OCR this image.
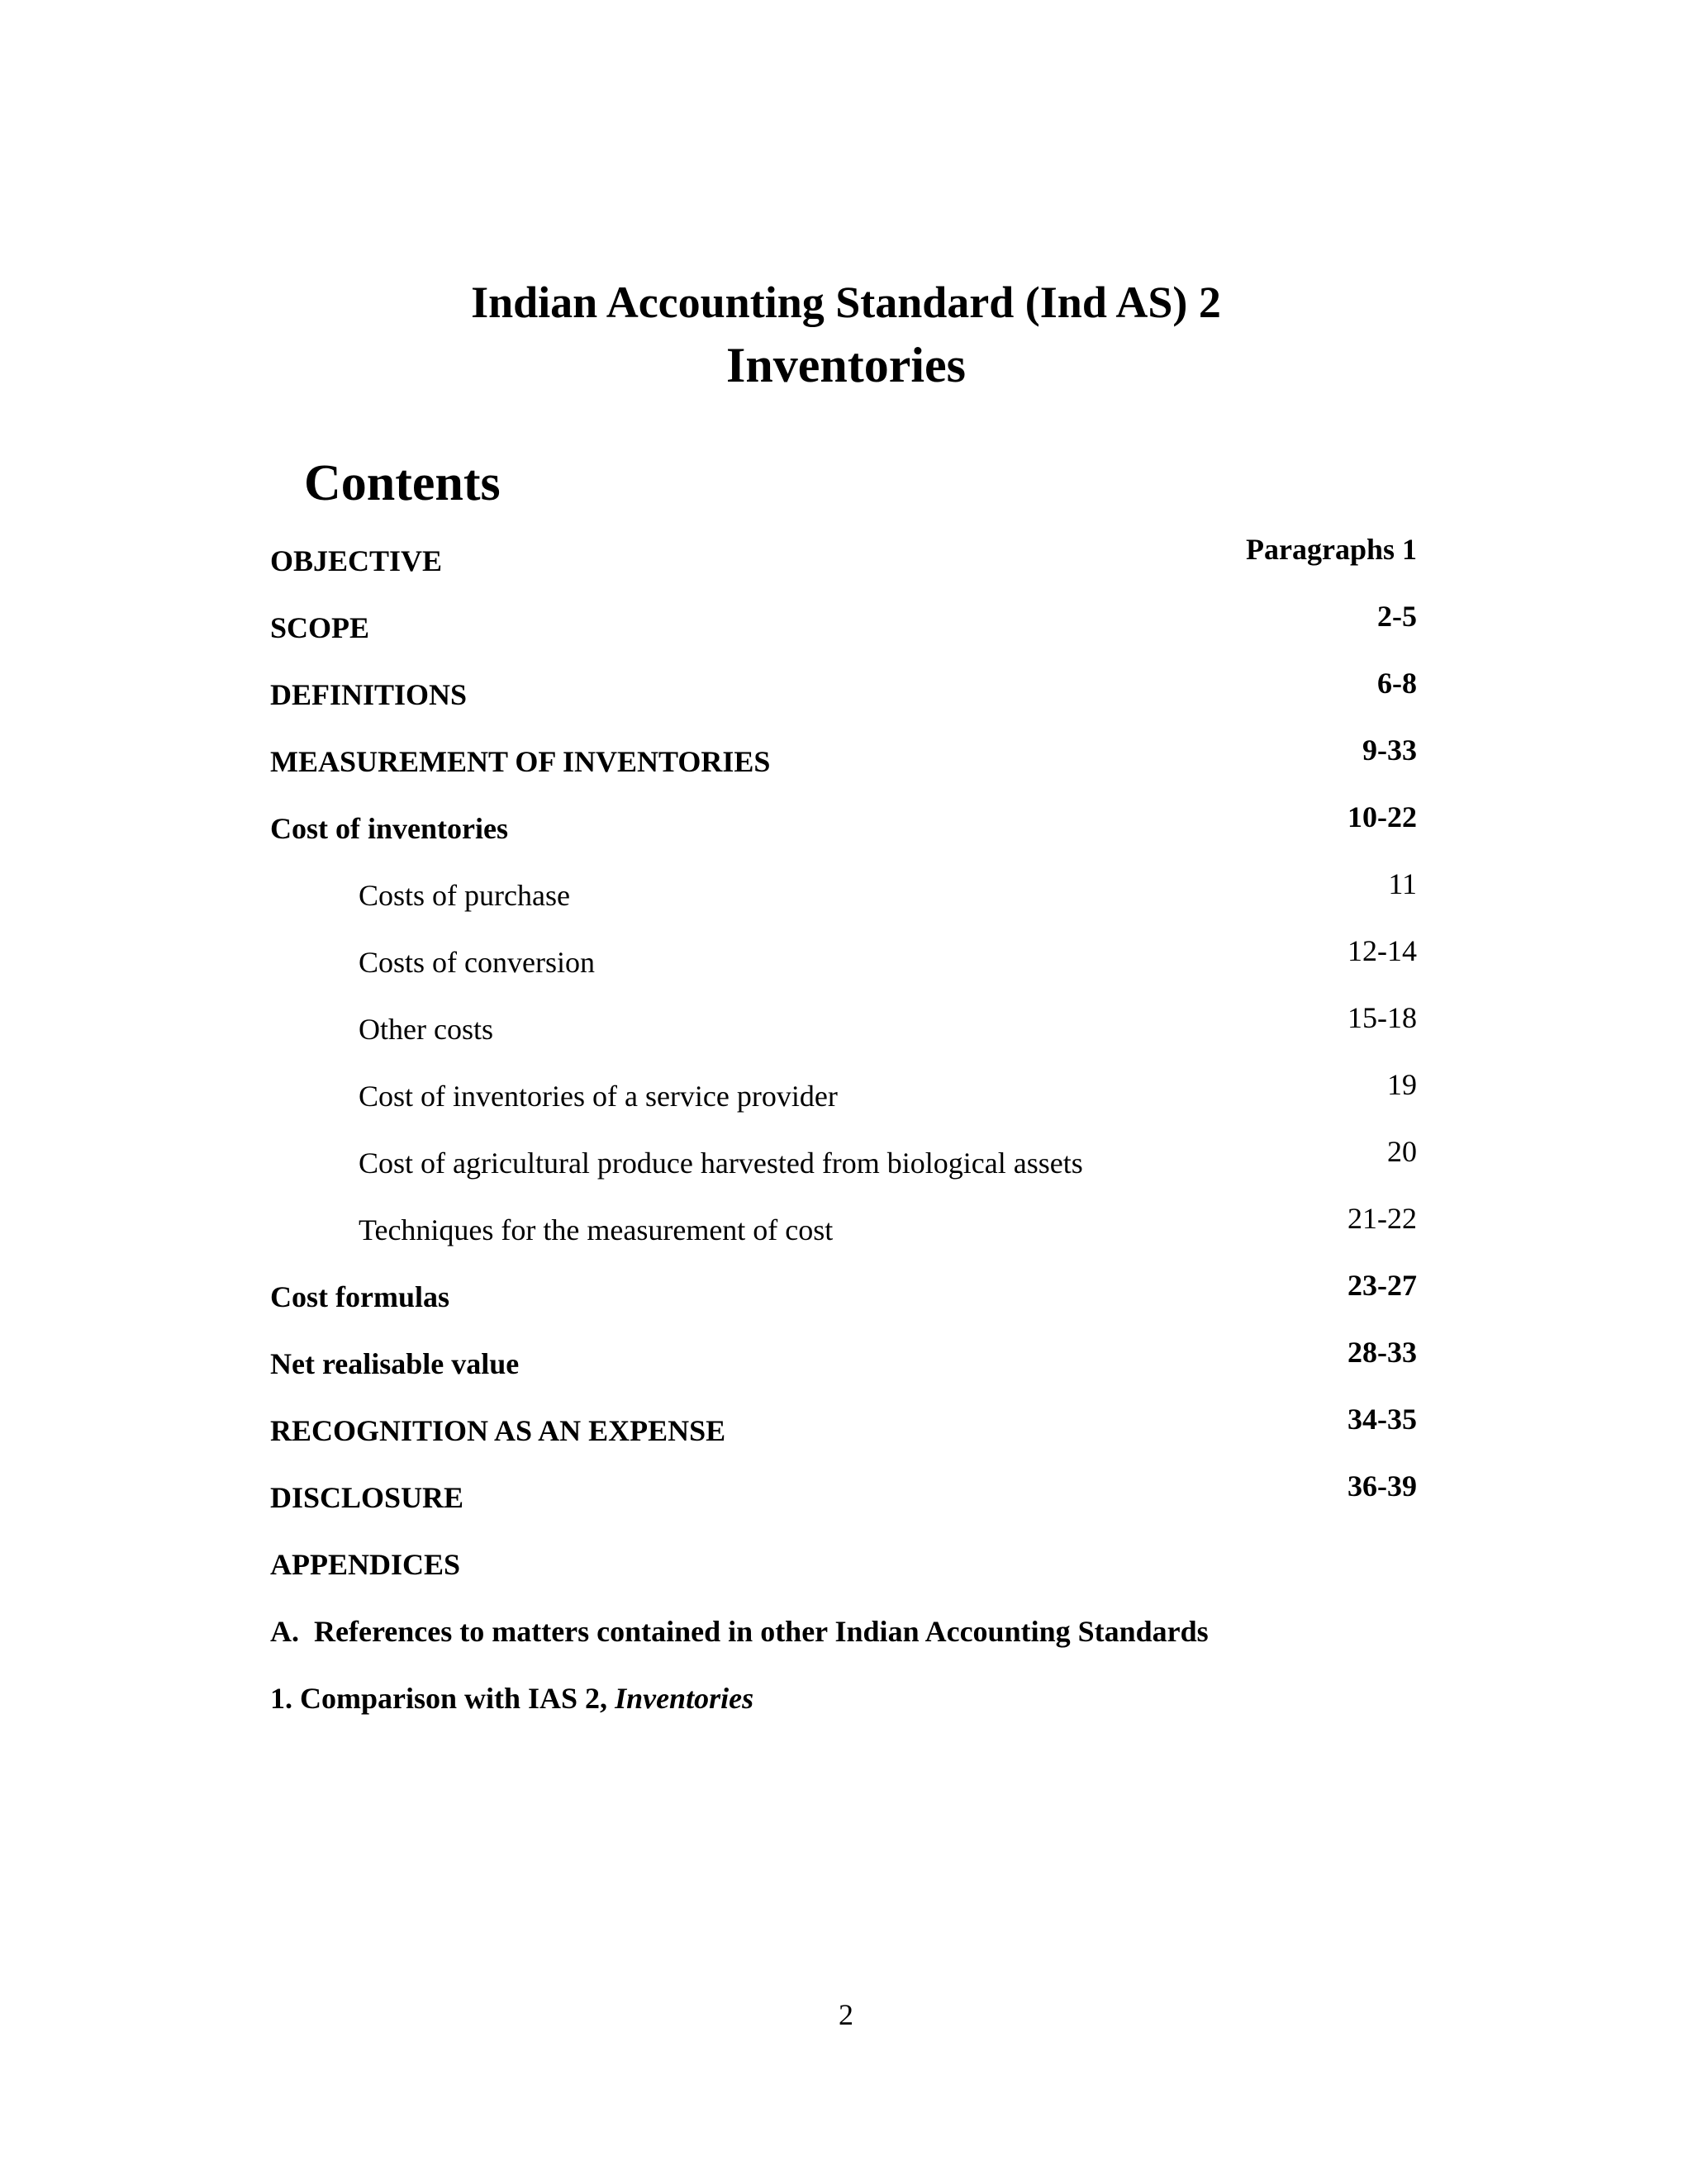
Indian Accounting Standard (Ind AS) 2
Inventories
Contents
OBJECTIVE	Paragraphs 1
SCOPE	2-5
DEFINITIONS	6-8
MEASUREMENT OF INVENTORIES	9-33
Cost of inventories	10-22
Costs of purchase	11
Costs of conversion	12-14
Other costs	15-18
Cost of inventories of a service provider	19
Cost of agricultural produce harvested from biological assets	20
Techniques for the measurement of cost	21-22
Cost formulas	23-27
Net realisable value	28-33
RECOGNITION AS AN EXPENSE	34-35
DISCLOSURE	36-39
APPENDICES
A.  References to matters contained in other Indian Accounting Standards
1. Comparison with IAS 2, Inventories
2
